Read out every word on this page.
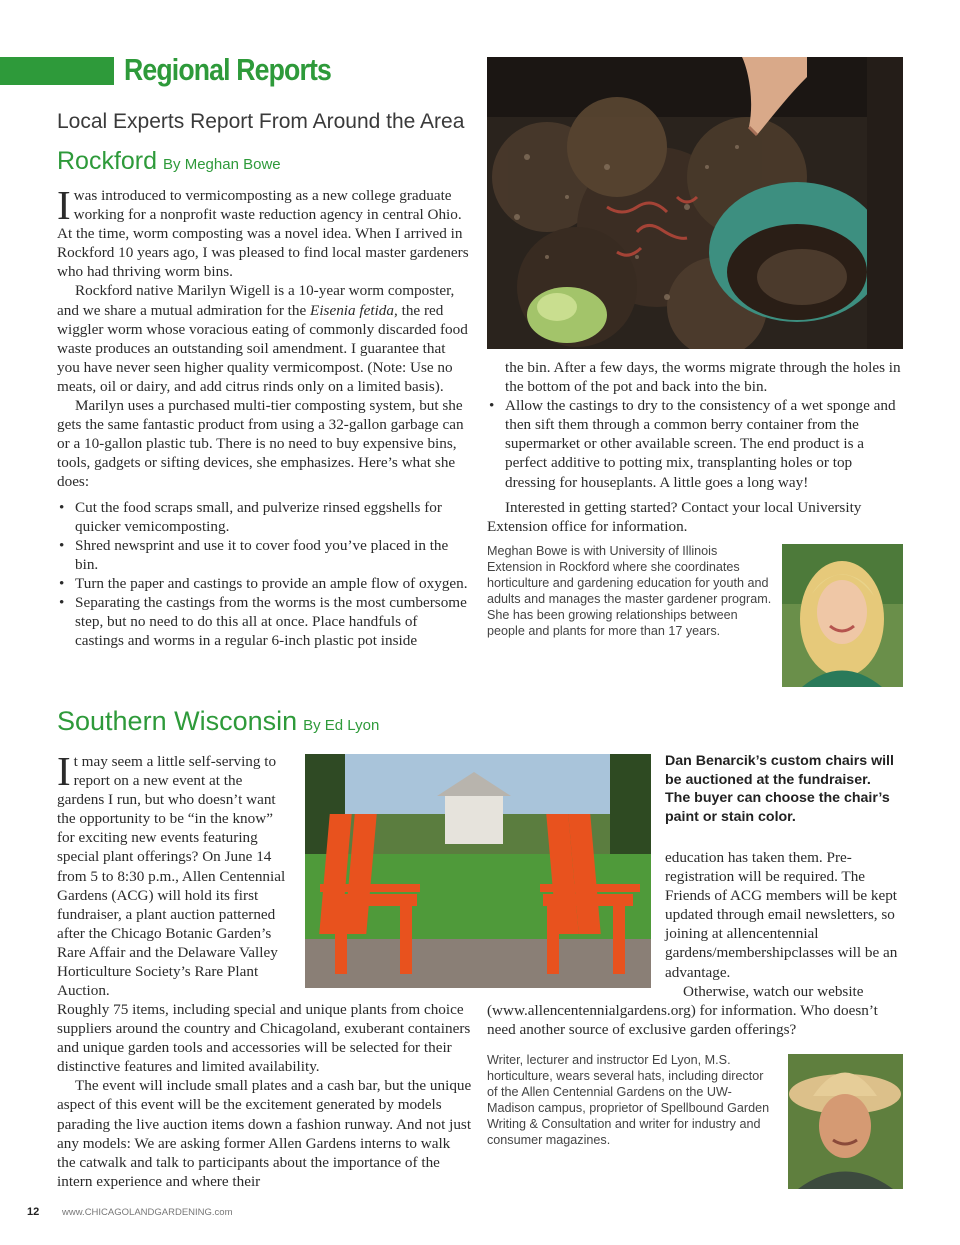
Regional Reports
Local Experts Report From Around the Area
Rockford By Meghan Bowe

Iwas introduced to vermicomposting as a new college graduate working for a nonprofit waste reduction agency in central Ohio. At the time, worm composting was a novel idea. When I arrived in Rockford 10 years ago, I was pleased to find local master gardeners who had thriving worm bins.

Rockford native Marilyn Wigell is a 10-year worm composter, and we share a mutual admiration for the Eisenia fetida, the red wiggler worm whose voracious eating of commonly discarded food waste produces an outstanding soil amendment. I guarantee that you have never seen higher quality vermicompost. (Note: Use no meats, oil or dairy, and add citrus rinds only on a limited basis).

Marilyn uses a purchased multi-tier composting system, but she gets the same fantastic product from using a 32-gallon garbage can or a 10-gallon plastic tub. There is no need to buy expensive bins, tools, gadgets or sifting devices, she emphasizes. Here’s what she does:

• Cut the food scraps small, and pulverize rinsed eggshells for quicker vemicomposting.
• Shred newsprint and use it to cover food you’ve placed in the bin.
• Turn the paper and castings to provide an ample flow of oxygen.
• Separating the castings from the worms is the most cumbersome step, but no need to do this all at once. Place handfuls of castings and worms in a regular 6-inch plastic pot inside
the bin. After a few days, the worms migrate through the holes in the bottom of the pot and back into the bin.
• Allow the castings to dry to the consistency of a wet sponge and then sift them through a common berry container from the supermarket or other available screen. The end product is a perfect additive to potting mix, transplanting holes or top dressing for houseplants. A little goes a long way!

Interested in getting started? Contact your local University Extension office for information.

Meghan Bowe is with University of Illinois Extension in Rockford where she coordinates horticulture and gardening education for youth and adults and manages the master gardener program. She has been growing relationships between people and plants for more than 17 years.
Southern Wisconsin By Ed Lyon

It may seem a little self-serving to report on a new event at the gardens I run, but who doesn’t want the opportunity to be “in the know” for exciting new events featuring special plant offerings? On June 14 from 5 to 8:30 p.m., Allen Centennial Gardens (ACG) will hold its first fundraiser, a plant auction patterned after the Chicago Botanic Garden’s Rare Affair and the Delaware Valley Horticulture Society’s Rare Plant Auction.

Dan Benarcik’s custom chairs will be auctioned at the fundraiser. The buyer can choose the chair’s paint or stain color.

education has taken them. Pre-registration will be required. The Friends of ACG members will be kept updated through email newsletters, so joining at allencentennial gardens/membershipclasses will be an advantage.

Otherwise, watch our website (www.allencentennialgardens.org) for information. Who doesn’t need another source of exclusive garden offerings?

Roughly 75 items, including special and unique plants from choice suppliers around the country and Chicagoland, exuberant containers and unique garden tools and accessories will be selected for their distinctive features and limited availability.

The event will include small plates and a cash bar, but the unique aspect of this event will be the excitement generated by models parading the live auction items down a fashion runway. And not just any models: We are asking former Allen Gardens interns to walk the catwalk and talk to participants about the importance of the intern experience and where their

Writer, lecturer and instructor Ed Lyon, M.S. horticulture, wears several hats, including director of the Allen Centennial Gardens on the UW-Madison campus, proprietor of Spellbound Garden Writing & Consultation and writer for industry and consumer magazines.
12 www.CHICAGOLANDGARDENING.com
